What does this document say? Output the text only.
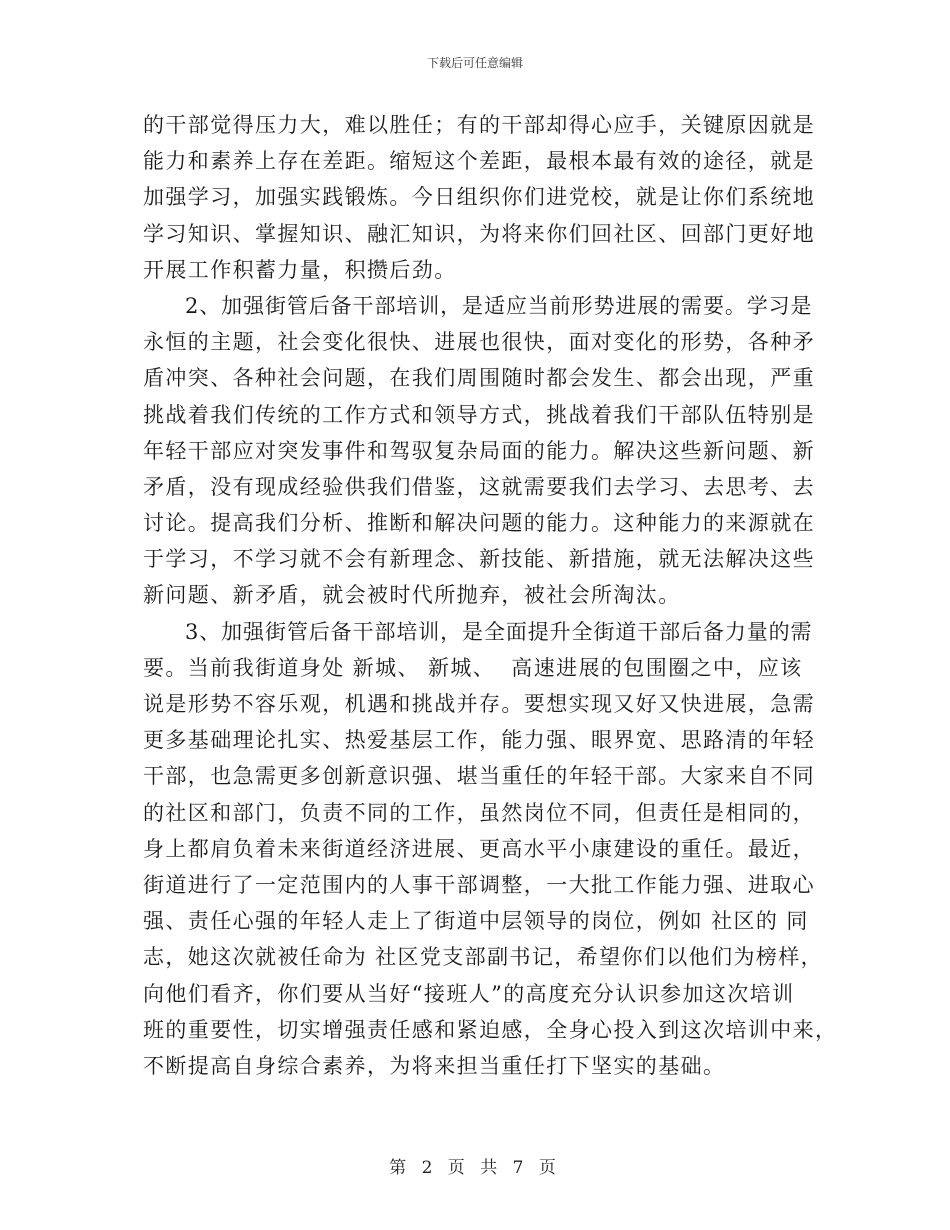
下载后可任意编辑
的干部觉得压力大，难以胜任；有的干部却得心应手，关键原因就是
能力和素养上存在差距。缩短这个差距，最根本最有效的途径，就是
加强学习，加强实践锻炼。今日组织你们进党校，就是让你们系统地
学习知识、掌握知识、融汇知识，为将来你们回社区、回部门更好地
开展工作积蓄力量，积攒后劲。
2、加强街管后备干部培训，是适应当前形势进展的需要。学习是
永恒的主题，社会变化很快、进展也很快，面对变化的形势，各种矛
盾冲突、各种社会问题，在我们周围随时都会发生、都会出现，严重
挑战着我们传统的工作方式和领导方式，挑战着我们干部队伍特别是
年轻干部应对突发事件和驾驭复杂局面的能力。解决这些新问题、新
矛盾，没有现成经验供我们借鉴，这就需要我们去学习、去思考、去
讨论。提高我们分析、推断和解决问题的能力。这种能力的来源就在
于学习，不学习就不会有新理念、新技能、新措施，就无法解决这些
新问题、新矛盾，就会被时代所抛弃，被社会所淘汰。
3、加强街管后备干部培训，是全面提升全街道干部后备力量的需
要。当前我街道身处 新城、 新城、  高速进展的包围圈之中，应该
说是形势不容乐观，机遇和挑战并存。要想实现又好又快进展，急需
更多基础理论扎实、热爱基层工作，能力强、眼界宽、思路清的年轻
干部，也急需更多创新意识强、堪当重任的年轻干部。大家来自不同
的社区和部门，负责不同的工作，虽然岗位不同，但责任是相同的，
身上都肩负着未来街道经济进展、更高水平小康建设的重任。最近，
街道进行了一定范围内的人事干部调整，一大批工作能力强、进取心
强、责任心强的年轻人走上了街道中层领导的岗位，例如 社区的 同
志，她这次就被任命为 社区党支部副书记，希望你们以他们为榜样，
向他们看齐，你们要从当好“接班人”的高度充分认识参加这次培训
班的重要性，切实增强责任感和紧迫感，全身心投入到这次培训中来，
不断提高自身综合素养，为将来担当重任打下坚实的基础。
第 2 页 共 7 页
